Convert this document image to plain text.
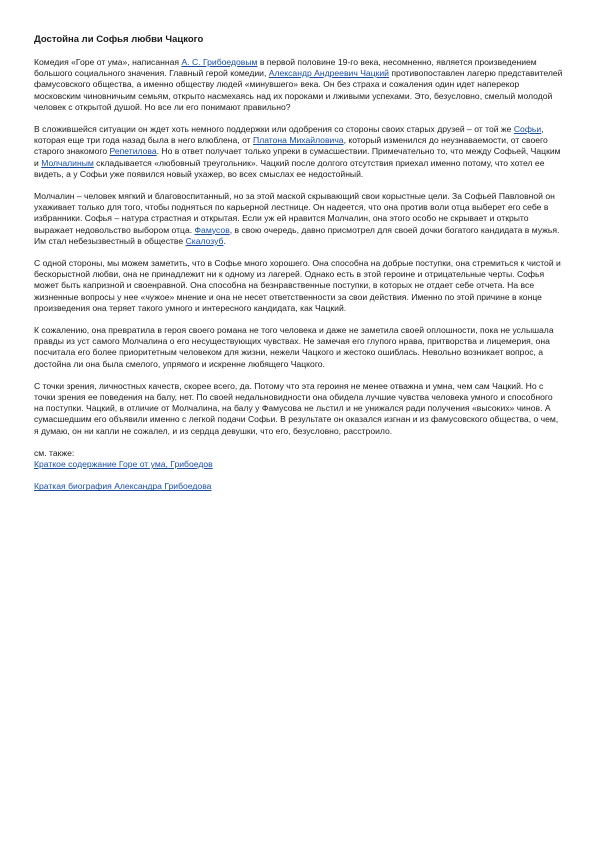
Достойна ли Софья любви Чацкого

Комедия «Горе от ума», написанная А. С. Грибоедовым в первой половине 19-го века, несомненно, является произведением большого социального значения. Главный герой комедии, Александр Андреевич Чацкий противопоставлен лагерю представителей фамусовского общества, а именно обществу людей «минувшего» века. Он без страха и сожаления один идет наперекор московским чиновничьим семьям, открыто насмехаясь над их пороками и лживыми успехами. Это, безусловно, смелый молодой человек с открытой душой. Но все ли его понимают правильно?

В сложившейся ситуации он ждет хоть немного поддержки или одобрения со стороны своих старых друзей – от той же Софьи, которая еще три года назад была в него влюблена, от Платона Михайловича, который изменился до неузнаваемости, от своего старого знакомого Репетилова. Но в ответ получает только упреки в сумасшествии. Примечательно то, что между Софьей, Чацким и Молчалиным складывается «любовный треугольник». Чацкий после долгого отсутствия приехал именно потому, что хотел ее видеть, а у Софьи уже появился новый ухажер, во всех смыслах ее недостойный.

Молчалин – человек мягкий и благовоспитанный, но за этой маской скрывающий свои корыстные цели. За Софьей Павловной он ухаживает только для того, чтобы подняться по карьерной лестнице. Он надеется, что она против воли отца выберет его себе в избранники. Софья – натура страстная и открытая. Если уж ей нравится Молчалин, она этого особо не скрывает и открыто выражает недовольство выбором отца. Фамусов, в свою очередь, давно присмотрел для своей дочки богатого кандидата в мужья. Им стал небезызвестный в обществе Скалозуб.

С одной стороны, мы можем заметить, что в Софье много хорошего. Она способна на добрые поступки, она стремиться к чистой и бескорыстной любви, она не принадлежит ни к одному из лагерей. Однако есть в этой героине и отрицательные черты. Софья может быть капризной и своенравной. Она способна на безнравственные поступки, в которых не отдает себе отчета. На все жизненные вопросы у нее «чужое» мнение и она не несет ответственности за свои действия. Именно по этой причине в конце произведения она теряет такого умного и интересного кандидата, как Чацкий.

К сожалению, она превратила в героя своего романа не того человека и даже не заметила своей оплошности, пока не услышала правды из уст самого Молчалина о его несуществующих чувствах. Не замечая его глупого нрава, притворства и лицемерия, она посчитала его более приоритетным человеком для жизни, нежели Чацкого и жестоко ошиблась. Невольно возникает вопрос, а достойна ли она была смелого, упрямого и искренне любящего Чацкого.

С точки зрения, личностных качеств, скорее всего, да. Потому что эта героиня не менее отважна и умна, чем сам Чацкий. Но с точки зрения ее поведения на балу, нет. По своей недальновидности она обидела лучшие чувства человека умного и способного на поступки. Чацкий, в отличие от Молчалина, на балу у Фамусова не льстил и не унижался ради получения «высоких» чинов. А сумасшедшим его объявили именно с легкой подачи Софьи. В результате он оказался изгнан и из фамусовского общества, о чем, я думаю, он ни капли не сожалел, и из сердца девушки, что его, безусловно, расстроило.

см. также:

Краткое содержание Горе от ума, Грибоедов

Краткая биография Александра Грибоедова
